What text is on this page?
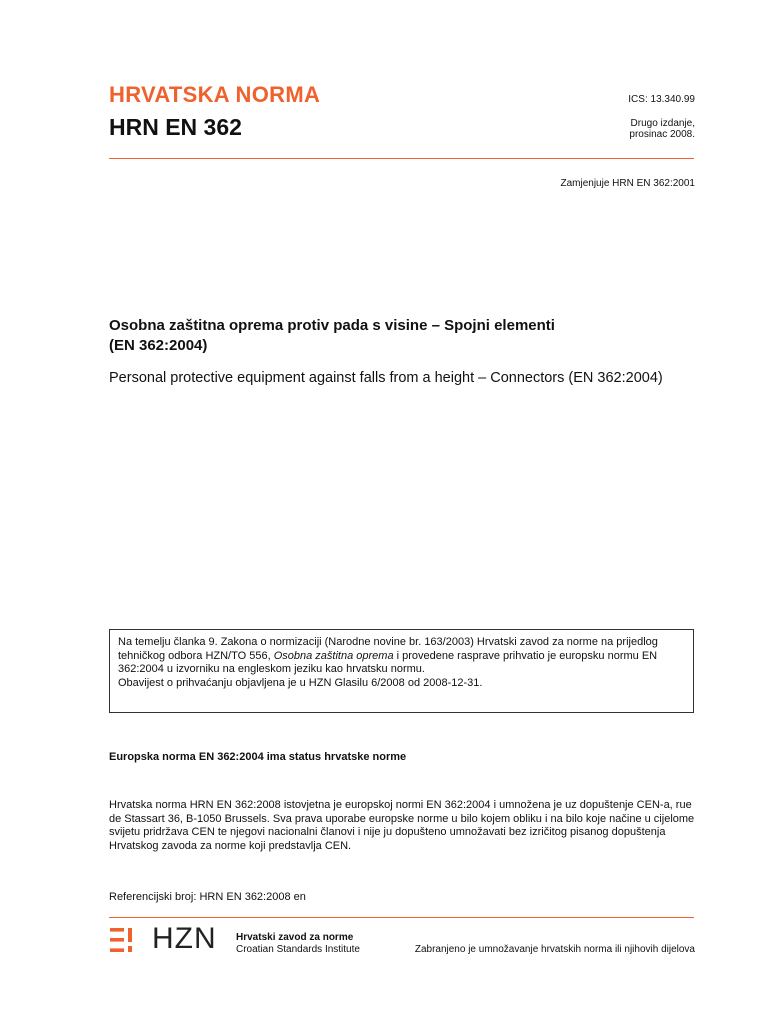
HRVATSKA NORMA
HRN EN 362
ICS: 13.340.99
Drugo izdanje,
prosinac 2008.
Zamjenjuje HRN EN 362:2001
Osobna zaštitna oprema protiv pada s visine – Spojni elementi
(EN 362:2004)
Personal protective equipment against falls from a height – Connectors (EN 362:2004)

Na temelju članka 9. Zakona o normizaciji (Narodne novine br. 163/2003) Hrvatski zavod za norme na prijedlog tehničkog odbora HZN/TO 556, Osobna zaštitna oprema i provedene rasprave prihvatio je europsku normu EN 362:2004 u izvorniku na engleskom jeziku kao hrvatsku normu.

Obavijest o prihvaćanju objavljena je u HZN Glasilu 6/2008 od 2008-12-31.

Europska norma EN 362:2004 ima status hrvatske norme
Hrvatska norma HRN EN 362:2008 istovjetna je europskoj normi EN 362:2004 i umnožena je uz dopuštenje CEN-a, rue de Stassart 36, B-1050 Brussels. Sva prava uporabe europske norme u bilo kojem obliku i na bilo koje načine u cijelome svijetu pridržava CEN te njegovi nacionalni članovi i nije ju dopušteno umnožavati bez izričitog pisanog dopuštenja Hrvatskog zavoda za norme koji predstavlja CEN.
Referencijski broj: HRN EN 362:2008 en
HZN Hrvatski zavod za norme
Croatian Standards Institute	Zabranjeno je umnožavanje hrvatskih norma ili njihovih dijelova
